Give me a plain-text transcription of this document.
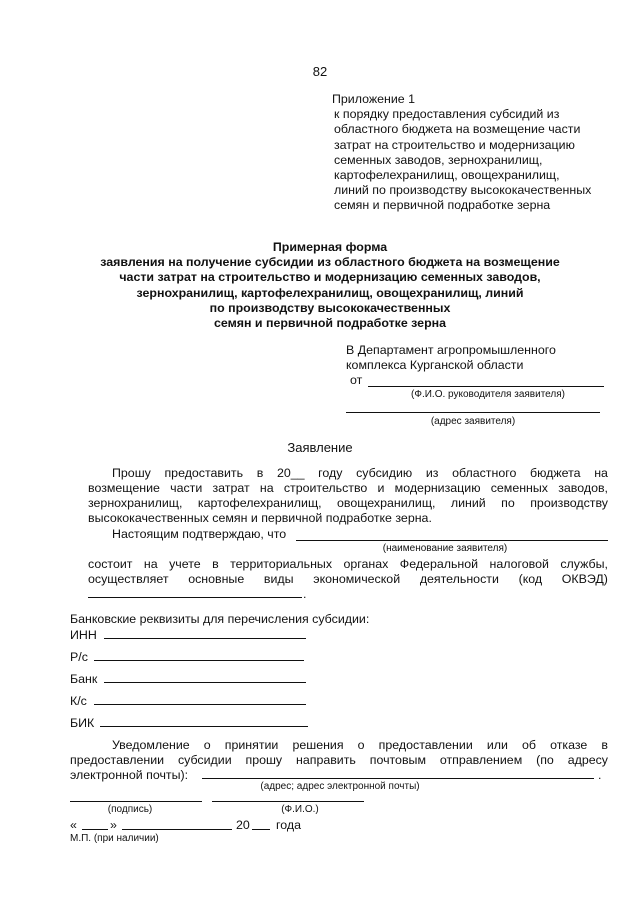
82
Приложение 1
к порядку предоставления субсидий из
областного бюджета на возмещение части
затрат на строительство и модернизацию
семенных заводов, зернохранилищ,
картофелехранилищ, овощехранилищ,
линий по производству высококачественных
семян и первичной подработке зерна
Примерная форма
заявления на получение субсидии из областного бюджета на возмещение
части затрат на строительство и модернизацию семенных заводов,
зернохранилищ, картофелехранилищ, овощехранилищ, линий
по производству высококачественных
семян и первичной подработке зерна
В Департамент агропромышленного
комплекса Курганской области
от
(Ф.И.О. руководителя заявителя)
(адрес заявителя)
Заявление
Прошу предоставить в 20__ году субсидию из областного бюджета на
возмещение части затрат на строительство и модернизацию семенных заводов,
зернохранилищ, картофелехранилищ, овощехранилищ, линий по производству
высококачественных семян и первичной подработке зерна.
Настоящим подтверждаю, что
(наименование заявителя)
состоит на учете в территориальных органах Федеральной налоговой службы,
осуществляет основные виды экономической деятельности (код ОКВЭД)
.
Банковские реквизиты для перечисления субсидии:
ИНН
Р/с
Банк
К/с
БИК
Уведомление о принятии решения о предоставлении или об отказе в
предоставлении субсидии прошу направить почтовым отправлением (по адресу
электронной почты):	.
(адрес; адрес электронной почты)
(подпись)	(Ф.И.О.)
«	»	20 года
М.П. (при наличии)
